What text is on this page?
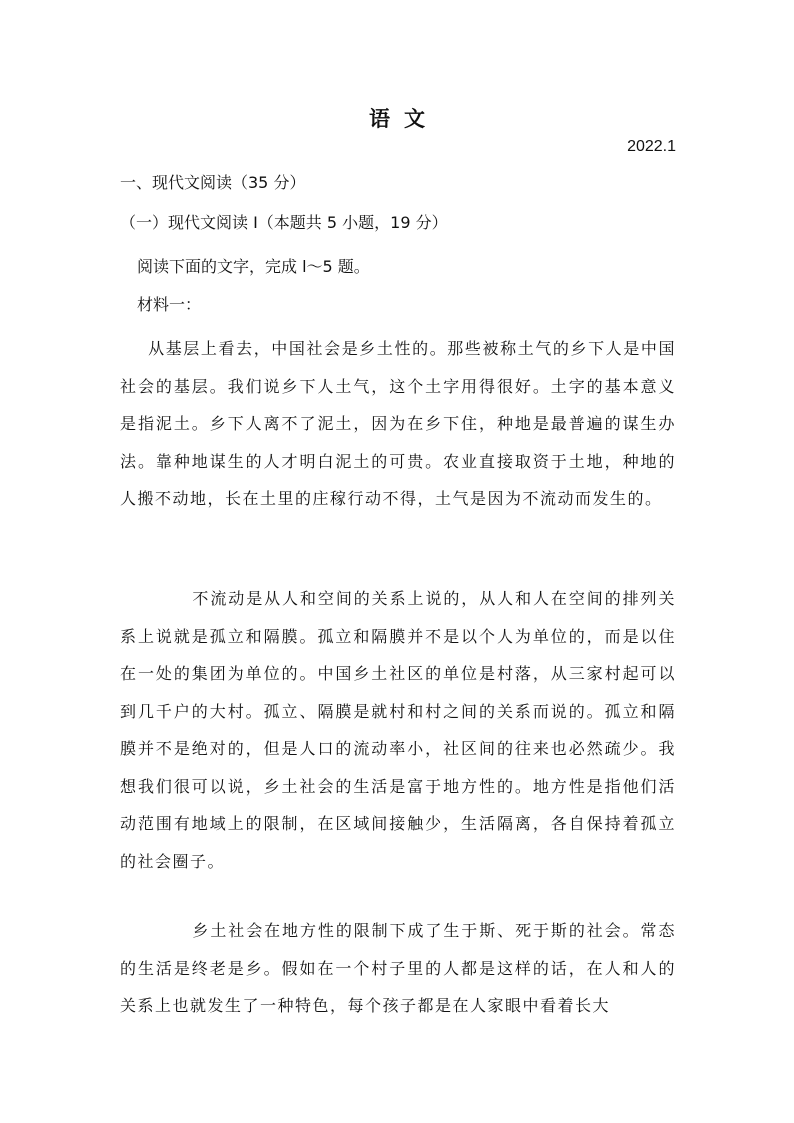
语文
2022.1
一、现代文阅读（35 分）
（一）现代文阅读 I（本题共 5 小题，19 分）
阅读下面的文字，完成 l～5 题。
材料一：
从基层上看去，中国社会是乡土性的。那些被称土气的乡下人是中国社会的基层。我们说乡下人土气，这个土字用得很好。土字的基本意义是指泥土。乡下人离不了泥土，因为在乡下住，种地是最普遍的谋生办法。靠种地谋生的人才明白泥土的可贵。农业直接取资于土地，种地的人搬不动地，长在土里的庄稼行动不得，土气是因为不流动而发生的。
不流动是从人和空间的关系上说的，从人和人在空间的排列关系上说就是孤立和隔膜。孤立和隔膜并不是以个人为单位的，而是以住在一处的集团为单位的。中国乡土社区的单位是村落，从三家村起可以到几千户的大村。孤立、隔膜是就村和村之间的关系而说的。孤立和隔膜并不是绝对的，但是人口的流动率小，社区间的往来也必然疏少。我想我们很可以说，乡土社会的生活是富于地方性的。地方性是指他们活动范围有地域上的限制，在区域间接触少，生活隔离，各自保持着孤立的社会圈子。
乡土社会在地方性的限制下成了生于斯、死于斯的社会。常态的生活是终老是乡。假如在一个村子里的人都是这样的话，在人和人的关系上也就发生了一种特色，每个孩子都是在人家眼中看着长大
